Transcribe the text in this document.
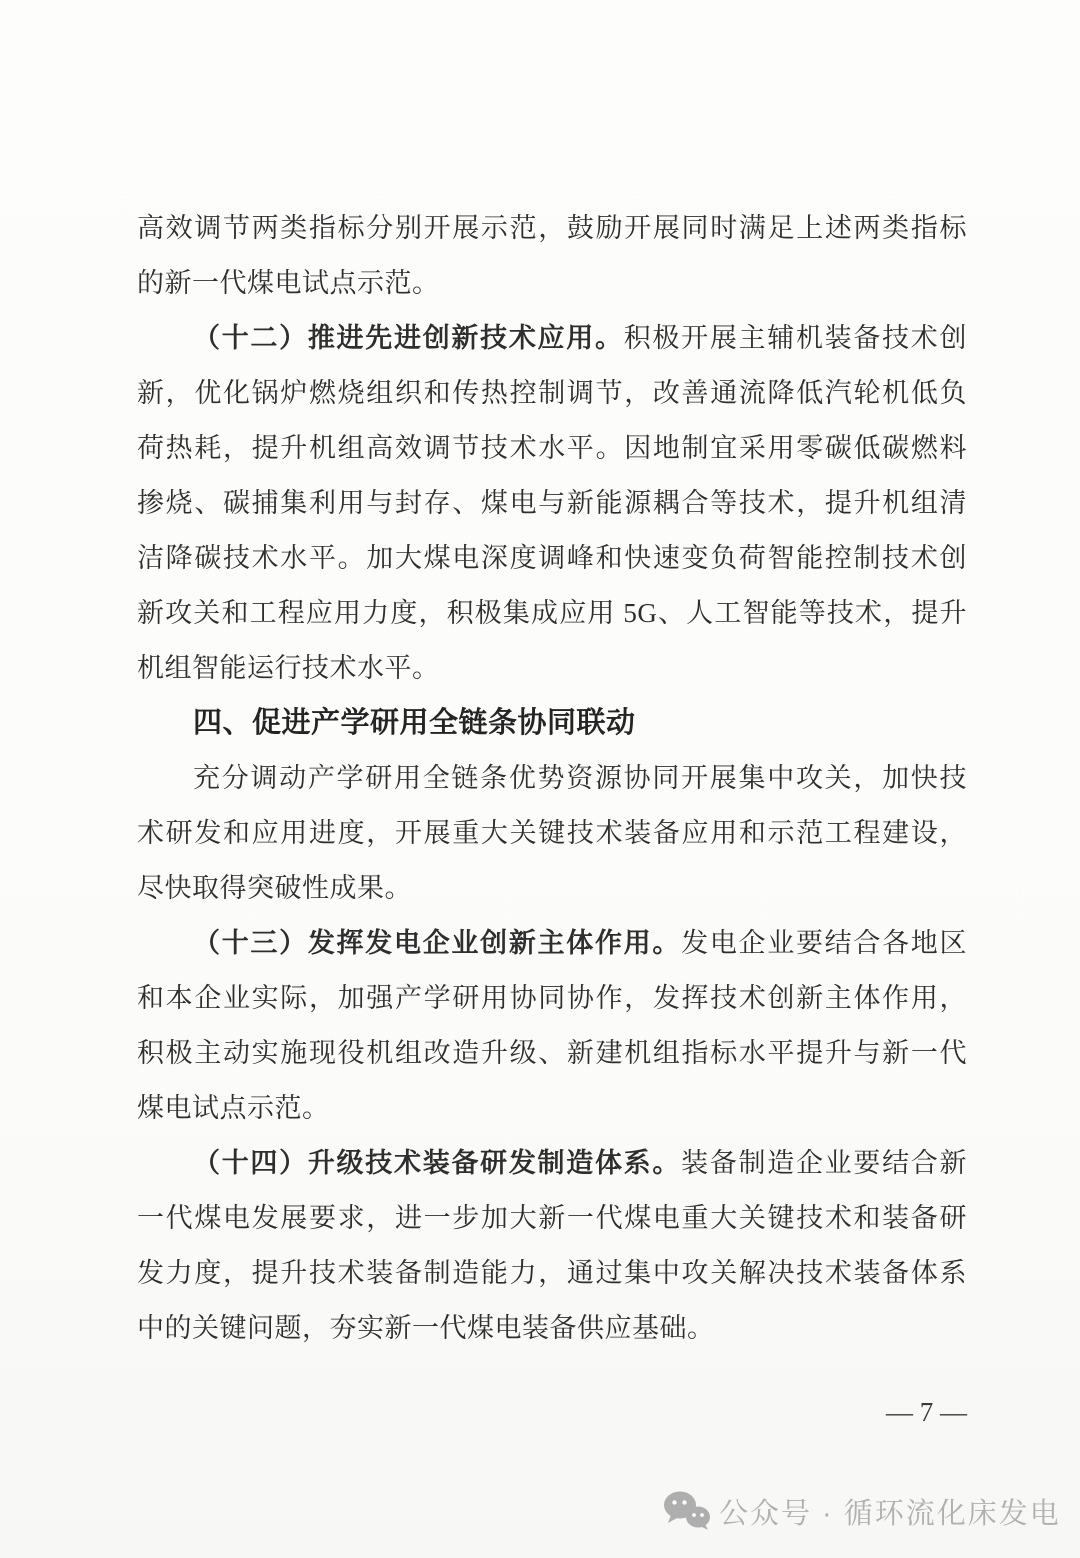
高效调节两类指标分别开展示范，鼓励开展同时满足上述两类指标
的新一代煤电试点示范。
（十二）推进先进创新技术应用。积极开展主辅机装备技术创
新，优化锅炉燃烧组织和传热控制调节，改善通流降低汽轮机低负
荷热耗，提升机组高效调节技术水平。因地制宜采用零碳低碳燃料
掺烧、碳捕集利用与封存、煤电与新能源耦合等技术，提升机组清
洁降碳技术水平。加大煤电深度调峰和快速变负荷智能控制技术创
新攻关和工程应用力度，积极集成应用 5G、人工智能等技术，提升
机组智能运行技术水平。
四、促进产学研用全链条协同联动
充分调动产学研用全链条优势资源协同开展集中攻关，加快技
术研发和应用进度，开展重大关键技术装备应用和示范工程建设，
尽快取得突破性成果。
（十三）发挥发电企业创新主体作用。发电企业要结合各地区
和本企业实际，加强产学研用协同协作，发挥技术创新主体作用，
积极主动实施现役机组改造升级、新建机组指标水平提升与新一代
煤电试点示范。
（十四）升级技术装备研发制造体系。装备制造企业要结合新
一代煤电发展要求，进一步加大新一代煤电重大关键技术和装备研
发力度，提升技术装备制造能力，通过集中攻关解决技术装备体系
中的关键问题，夯实新一代煤电装备供应基础。
— 7 —
公众号 · 循环流化床发电
